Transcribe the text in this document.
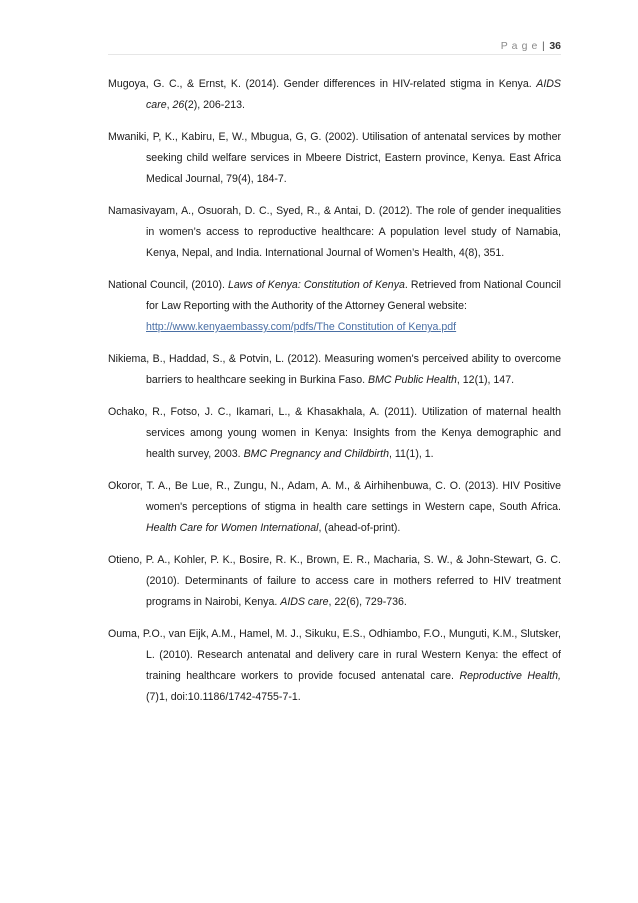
P a g e | 36

Mugoya, G. C., & Ernst, K. (2014). Gender differences in HIV-related stigma in Kenya. AIDS care, 26(2), 206-213.

Mwaniki, P, K., Kabiru, E, W., Mbugua, G, G. (2002). Utilisation of antenatal services by mother seeking child welfare services in Mbeere District, Eastern province, Kenya. East Africa Medical Journal, 79(4), 184-7.

Namasivayam, A., Osuorah, D. C., Syed, R., & Antai, D. (2012). The role of gender inequalities in women’s access to reproductive healthcare: A population level study of Namabia, Kenya, Nepal, and India. International Journal of Women’s Health, 4(8), 351.

National Council, (2010). Laws of Kenya: Constitution of Kenya. Retrieved from National Council for Law Reporting with the Authority of the Attorney General website:
http://www.kenyaembassy.com/pdfs/The Constitution of Kenya.pdf

Nikiema, B., Haddad, S., & Potvin, L. (2012). Measuring women's perceived ability to overcome barriers to healthcare seeking in Burkina Faso. BMC Public Health, 12(1), 147.

Ochako, R., Fotso, J. C., Ikamari, L., & Khasakhala, A. (2011). Utilization of maternal health services among young women in Kenya: Insights from the Kenya demographic and health survey, 2003. BMC Pregnancy and Childbirth, 11(1), 1.

Okoror, T. A., Be Lue, R., Zungu, N., Adam, A. M., & Airhihenbuwa, C. O. (2013). HIV Positive women's perceptions of stigma in health care settings in Western cape, South Africa. Health Care for Women International, (ahead-of-print).

Otieno, P. A., Kohler, P. K., Bosire, R. K., Brown, E. R., Macharia, S. W., & John-Stewart, G. C. (2010). Determinants of failure to access care in mothers referred to HIV treatment programs in Nairobi, Kenya. AIDS care, 22(6), 729-736.

Ouma, P.O., van Eijk, A.M., Hamel, M. J., Sikuku, E.S., Odhiambo, F.O., Munguti, K.M., Slutsker, L. (2010). Research antenatal and delivery care in rural Western Kenya: the effect of training healthcare workers to provide focused antenatal care. Reproductive Health, (7)1, doi:10.1186/1742-4755-7-1.
